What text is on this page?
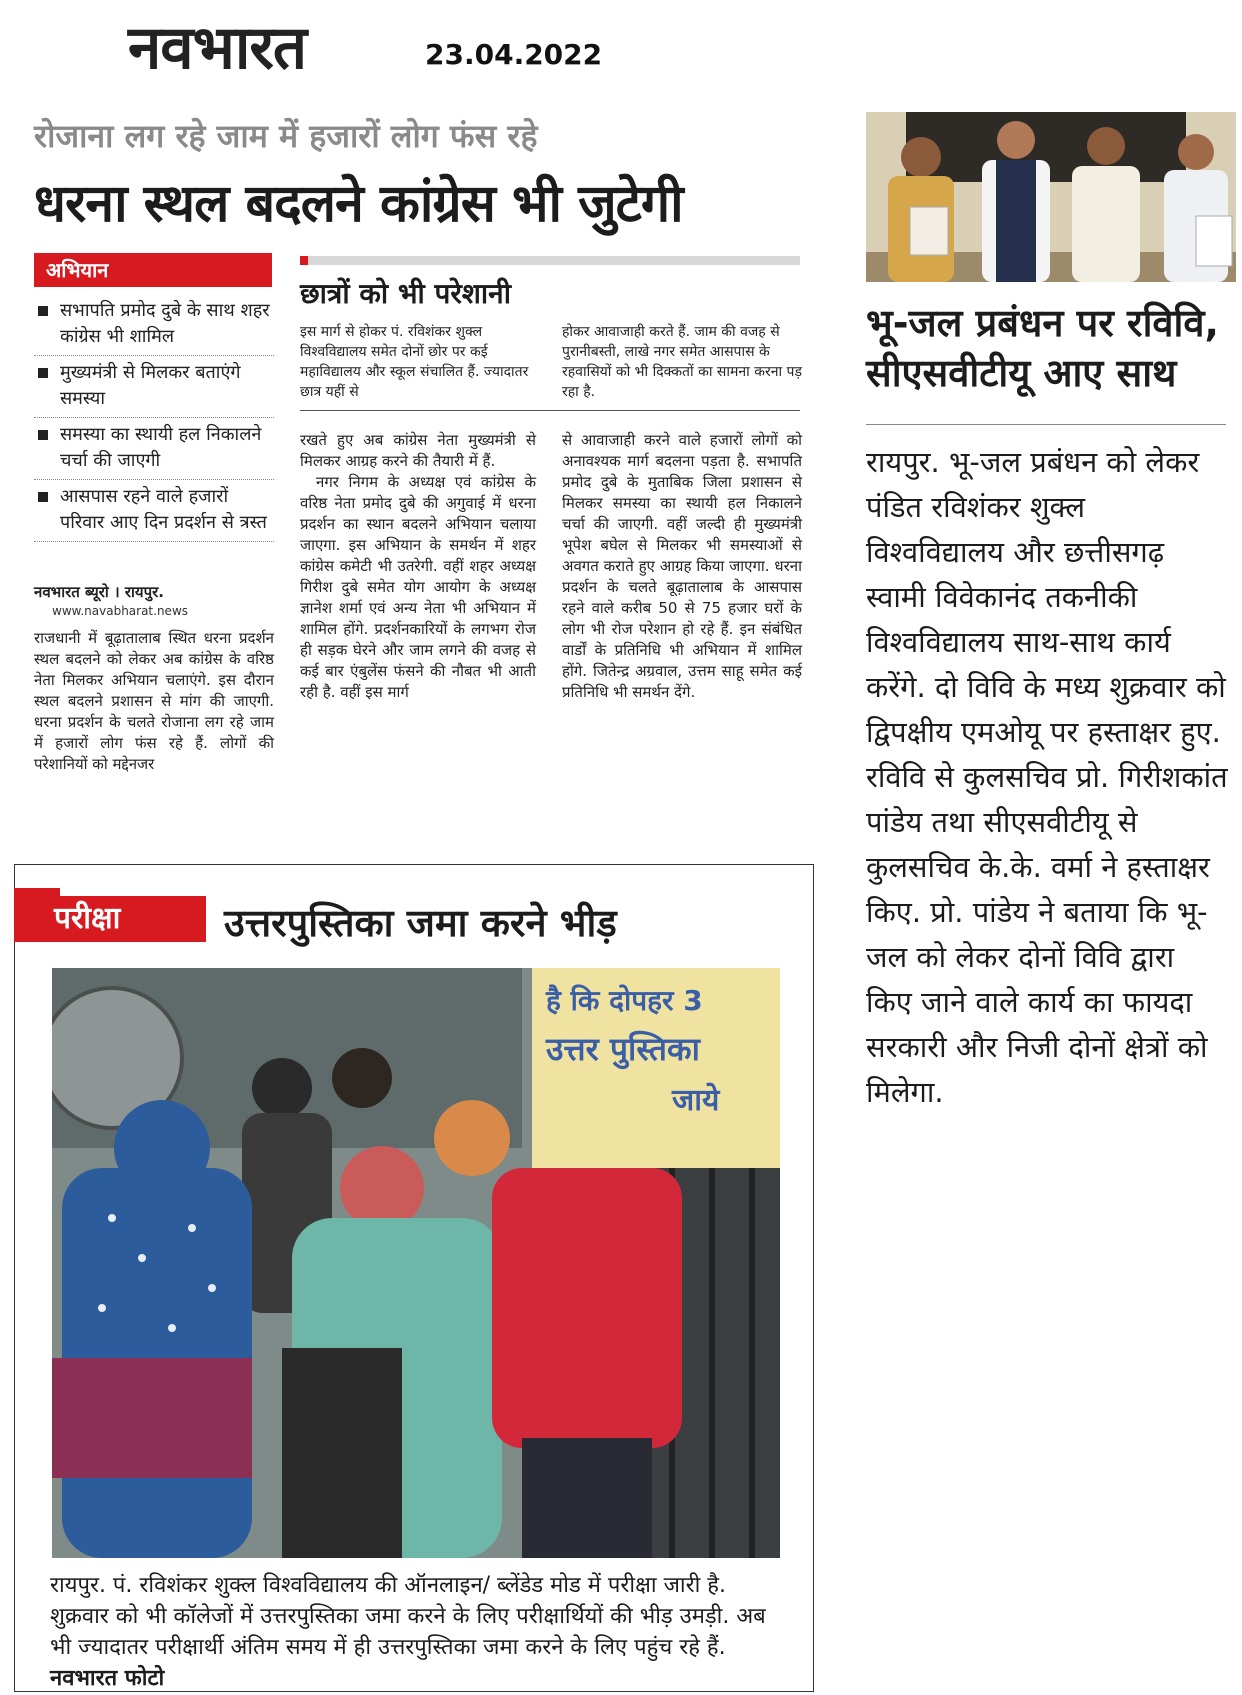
नवभारत	23.04.2022
रोजाना लग रहे जाम में हजारों लोग फंस रहे
धरना स्थल बदलने कांग्रेस भी जुटेगी
अभियान
सभापति प्रमोद दुबे के साथ शहर कांग्रेस भी शामिल
मुख्यमंत्री से मिलकर बताएंगे समस्या
समस्या का स्थायी हल निकालने चर्चा की जाएगी
आसपास रहने वाले हजारों परिवार आए दिन प्रदर्शन से त्रस्त
नवभारत ब्यूरो । रायपुर.
www.navabharat.news

राजधानी में बूढ़ातालाब स्थित धरना प्रदर्शन स्थल बदलने को लेकर अब कांग्रेस के वरिष्ठ नेता मिलकर अभियान चलाएंगे. इस दौरान स्थल बदलने प्रशासन से मांग की जाएगी. धरना प्रदर्शन के चलते रोजाना लग रहे जाम में हजारों लोग फंस रहे हैं. लोगों की परेशानियों को मद्देनजर

छात्रों को भी परेशानी
इस मार्ग से होकर पं. रविशंकर शुक्ल विश्वविद्यालय समेत दोनों छोर पर कई महाविद्यालय और स्कूल संचालित हैं. ज्यादातर छात्र यहीं से
होकर आवाजाही करते हैं. जाम की वजह से पुरानीबस्ती, लाखे नगर समेत आसपास के रहवासियों को भी दिक्कतों का सामना करना पड़ रहा है.

रखते हुए अब कांग्रेस नेता मुख्यमंत्री से मिलकर आग्रह करने की तैयारी में हैं.

नगर निगम के अध्यक्ष एवं कांग्रेस के वरिष्ठ नेता प्रमोद दुबे की अगुवाई में धरना प्रदर्शन का स्थान बदलने अभियान चलाया जाएगा. इस अभियान के समर्थन में शहर कांग्रेस कमेटी भी उतरेगी. वहीं शहर अध्यक्ष गिरीश दुबे समेत योग आयोग के अध्यक्ष ज्ञानेश शर्मा एवं अन्य नेता भी अभियान में शामिल होंगे. प्रदर्शनकारियों के लगभग रोज ही सड़क घेरने और जाम लगने की वजह से कई बार एंबुलेंस फंसने की नौबत भी आती रही है. वहीं इस मार्ग

से आवाजाही करने वाले हजारों लोगों को अनावश्यक मार्ग बदलना पड़ता है. सभापति प्रमोद दुबे के मुताबिक जिला प्रशासन से मिलकर समस्या का स्थायी हल निकालने चर्चा की जाएगी. वहीं जल्दी ही मुख्यमंत्री भूपेश बघेल से मिलकर भी समस्याओं से अवगत कराते हुए आग्रह किया जाएगा. धरना प्रदर्शन के चलते बूढ़ातालाब के आसपास रहने वाले करीब 50 से 75 हजार घरों के लोग भी रोज परेशान हो रहे हैं. इन संबंधित वार्डों के प्रतिनिधि भी अभियान में शामिल होंगे. जितेन्द्र अग्रवाल, उत्तम साहू समेत कई प्रतिनिधि भी समर्थन देंगे.

भू-जल प्रबंधन पर रविवि, सीएसवीटीयू आए साथ
रायपुर. भू-जल प्रबंधन को लेकर पंडित रविशंकर शुक्ल विश्वविद्यालय और छत्तीसगढ़ स्वामी विवेकानंद तकनीकी विश्वविद्यालय साथ-साथ कार्य करेंगे. दो विवि के मध्य शुक्रवार को द्विपक्षीय एमओयू पर हस्ताक्षर हुए. रविवि से कुलसचिव प्रो. गिरीशकांत पांडेय तथा सीएसवीटीयू से कुलसचिव के.के. वर्मा ने हस्ताक्षर किए. प्रो. पांडेय ने बताया कि भू-जल को लेकर दोनों विवि द्वारा किए जाने वाले कार्य का फायदा सरकारी और निजी दोनों क्षेत्रों को मिलेगा.
परीक्षा	उत्तरपुस्तिका जमा करने भीड़
है कि दोपहर 3
उत्तर पुस्तिका
जाये
रायपुर. पं. रविशंकर शुक्ल विश्वविद्यालय की ऑनलाइन/ ब्लेंडेड मोड में परीक्षा जारी है. शुक्रवार को भी कॉलेजों में उत्तरपुस्तिका जमा करने के लिए परीक्षार्थियों की भीड़ उमड़ी. अब भी ज्यादातर परीक्षार्थी अंतिम समय में ही उत्तरपुस्तिका जमा करने के लिए पहुंच रहे हैं. नवभारत फोटो
